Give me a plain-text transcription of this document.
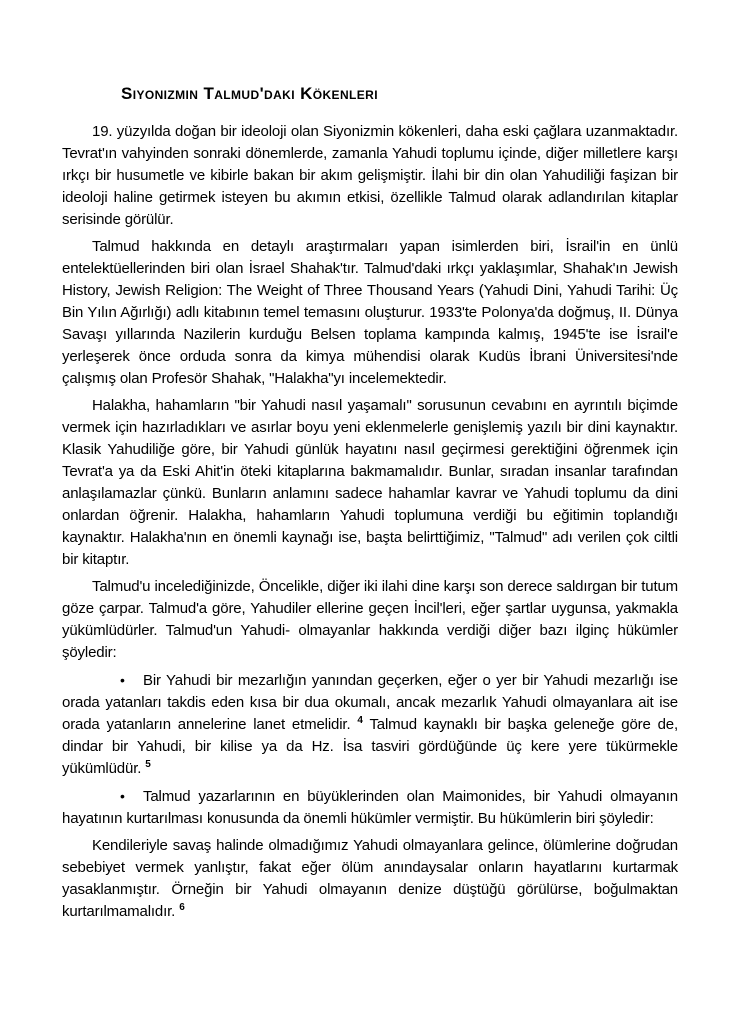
Siyonizmin Talmud'daki Kökenleri

19. yüzyılda doğan bir ideoloji olan Siyonizmin kökenleri, daha eski çağlara uzanmaktadır. Tevrat'ın vahyinden sonraki dönemlerde, zamanla Yahudi toplumu içinde, diğer milletlere karşı ırkçı bir husumetle ve kibirle bakan bir akım gelişmiştir. İlahi bir din olan Yahudiliği faşizan bir ideoloji haline getirmek isteyen bu akımın etkisi, özellikle Talmud olarak adlandırılan kitaplar serisinde görülür.

Talmud hakkında en detaylı araştırmaları yapan isimlerden biri, İsrail'in en ünlü entelektüellerinden biri olan İsrael Shahak'tır. Talmud'daki ırkçı yaklaşımlar, Shahak'ın Jewish History, Jewish Religion: The Weight of Three Thousand Years (Yahudi Dini, Yahudi Tarihi: Üç Bin Yılın Ağırlığı) adlı kitabının temel temasını oluşturur. 1933'te Polonya'da doğmuş, II. Dünya Savaşı yıllarında Nazilerin kurduğu Belsen toplama kampında kalmış, 1945'te ise İsrail'e yerleşerek önce orduda sonra da kimya mühendisi olarak Kudüs İbrani Üniversitesi'nde çalışmış olan Profesör Shahak, "Halakha"yı incelemektedir.

Halakha, hahamların "bir Yahudi nasıl yaşamalı" sorusunun cevabını en ayrıntılı biçimde vermek için hazırladıkları ve asırlar boyu yeni eklenmelerle genişlemiş yazılı bir dini kaynaktır. Klasik Yahudiliğe göre, bir Yahudi günlük hayatını nasıl geçirmesi gerektiğini öğrenmek için Tevrat'a ya da Eski Ahit'in öteki kitaplarına bakmamalıdır. Bunlar, sıradan insanlar tarafından anlaşılamazlar çünkü. Bunların anlamını sadece hahamlar kavrar ve Yahudi toplumu da dini onlardan öğrenir. Halakha, hahamların Yahudi toplumuna verdiği bu eğitimin toplandığı kaynaktır. Halakha'nın en önemli kaynağı ise, başta belirttiğimiz, "Talmud" adı verilen çok ciltli bir kitaptır.

Talmud'u incelediğinizde, Öncelikle, diğer iki ilahi dine karşı son derece saldırgan bir tutum göze çarpar. Talmud'a göre, Yahudiler ellerine geçen İncil'leri, eğer şartlar uygunsa, yakmakla yükümlüdürler. Talmud'un Yahudi- olmayanlar hakkında verdiği diğer bazı ilginç hükümler şöyledir:

• Bir Yahudi bir mezarlığın yanından geçerken, eğer o yer bir Yahudi mezarlığı ise orada yatanları takdis eden kısa bir dua okumalı, ancak mezarlık Yahudi olmayanlara ait ise orada yatanların annelerine lanet etmelidir. $^4$ Talmud kaynaklı bir başka geleneğe göre de, dindar bir Yahudi, bir kilise ya da Hz. İsa tasviri gördüğünde üç kere yere tükürmekle yükümlüdür. $^5$

• Talmud yazarlarının en büyüklerinden olan Maimonides, bir Yahudi olmayanın hayatının kurtarılması konusunda da önemli hükümler vermiştir. Bu hükümlerin biri şöyledir:

Kendileriyle savaş halinde olmadığımız Yahudi olmayanlara gelince, ölümlerine doğrudan sebebiyet vermek yanlıştır, fakat eğer ölüm anındaysalar onların hayatlarını kurtarmak yasaklanmıştır. Örneğin bir Yahudi olmayanın denize düştüğü görülürse, boğulmaktan kurtarılmamalıdır. $^6$
